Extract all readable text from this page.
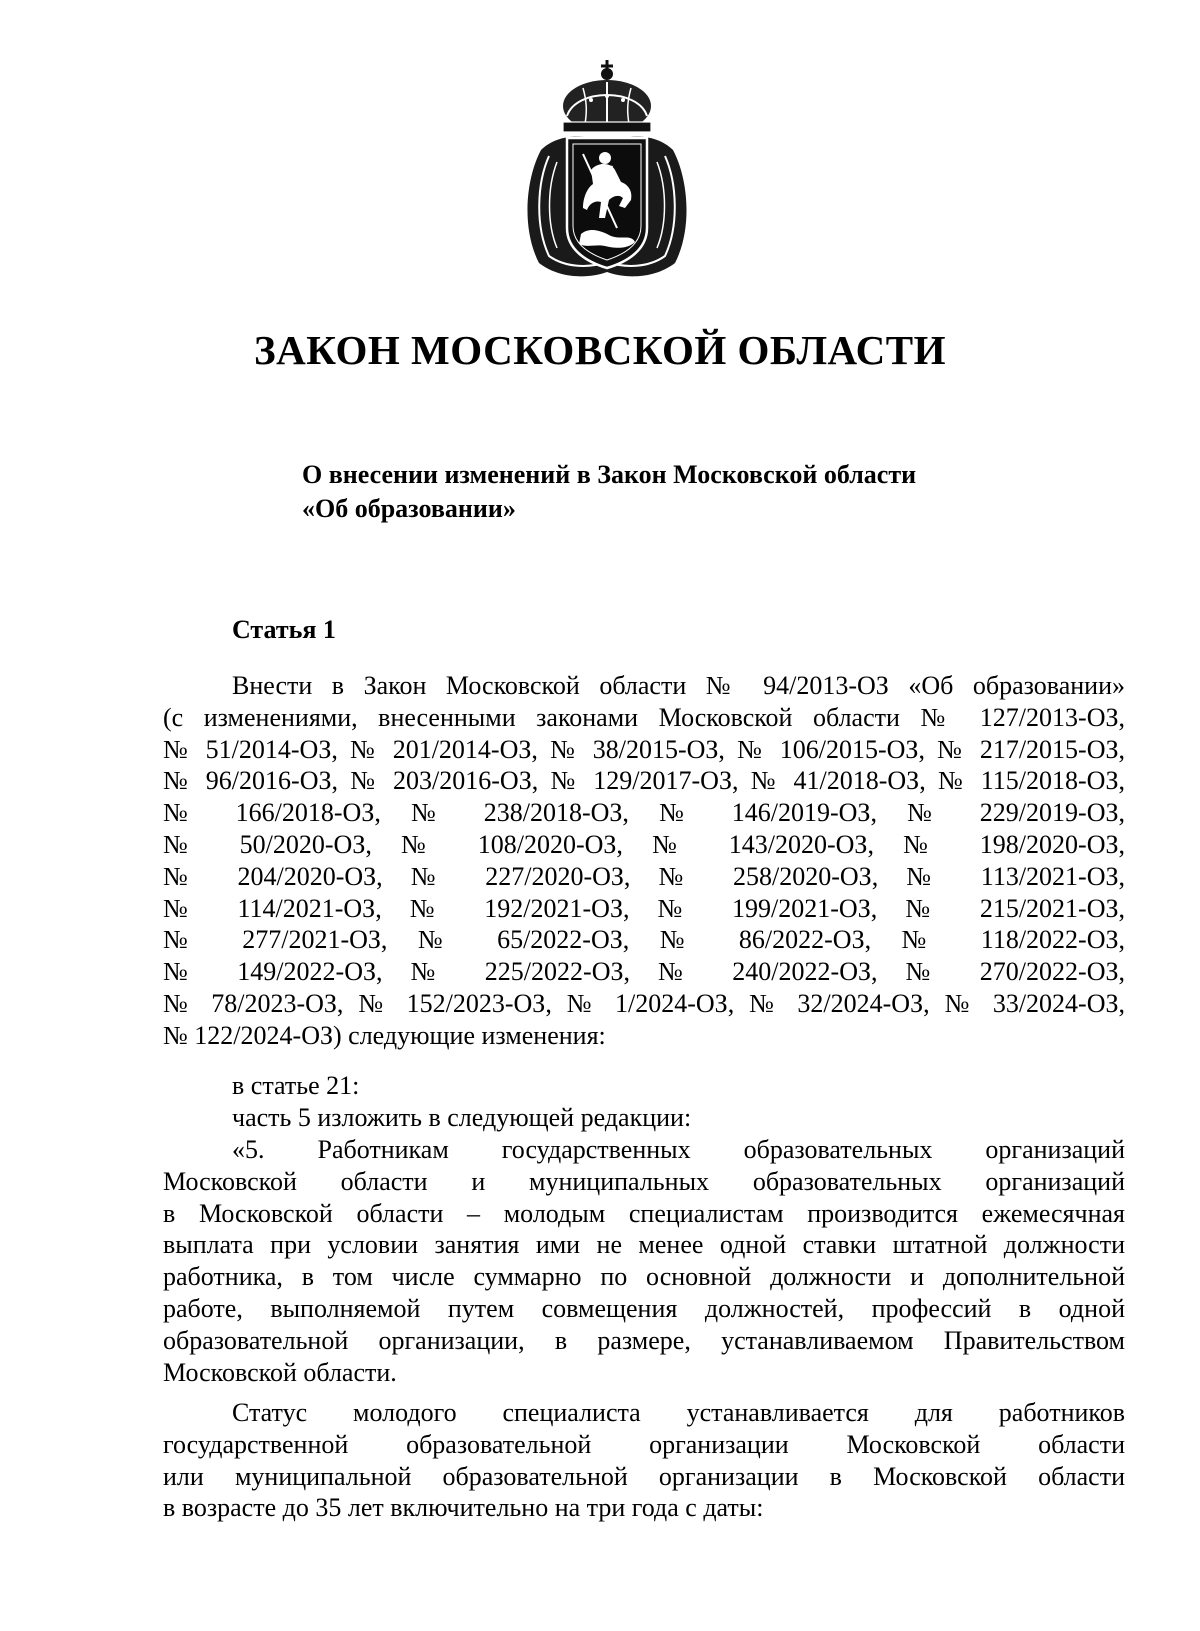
ЗАКОН МОСКОВСКОЙ ОБЛАСТИ
О внесении изменений в Закон Московской области
«Об образовании»
Статья 1
Внести в Закон Московской области № 94/2013-ОЗ «Об образовании»
(с изменениями, внесенными законами Московской области № 127/2013-ОЗ,
№ 51/2014-ОЗ, № 201/2014-ОЗ, № 38/2015-ОЗ, № 106/2015-ОЗ, № 217/2015-ОЗ,
№ 96/2016-ОЗ, № 203/2016-ОЗ, № 129/2017-ОЗ, № 41/2018-ОЗ, № 115/2018-ОЗ,
№ 166/2018-ОЗ, № 238/2018-ОЗ, № 146/2019-ОЗ, № 229/2019-ОЗ,
№ 50/2020-ОЗ, № 108/2020-ОЗ, № 143/2020-ОЗ, № 198/2020-ОЗ,
№ 204/2020-ОЗ, № 227/2020-ОЗ, № 258/2020-ОЗ, № 113/2021-ОЗ,
№ 114/2021-ОЗ, № 192/2021-ОЗ, № 199/2021-ОЗ, № 215/2021-ОЗ,
№ 277/2021-ОЗ, № 65/2022-ОЗ, № 86/2022-ОЗ, № 118/2022-ОЗ,
№ 149/2022-ОЗ, № 225/2022-ОЗ, № 240/2022-ОЗ, № 270/2022-ОЗ,
№ 78/2023-ОЗ, № 152/2023-ОЗ, № 1/2024-ОЗ, № 32/2024-ОЗ, № 33/2024-ОЗ,
№ 122/2024-ОЗ) следующие изменения:
в статье 21:
часть 5 изложить в следующей редакции:
«5. Работникам государственных образовательных организаций
Московской области и муниципальных образовательных организаций
в Московской области – молодым специалистам производится ежемесячная
выплата при условии занятия ими не менее одной ставки штатной должности
работника, в том числе суммарно по основной должности и дополнительной
работе, выполняемой путем совмещения должностей, профессий в одной
образовательной организации, в размере, устанавливаемом Правительством
Московской области.
Статус молодого специалиста устанавливается для работников
государственной образовательной организации Московской области
или муниципальной образовательной организации в Московской области
в возрасте до 35 лет включительно на три года с даты:
